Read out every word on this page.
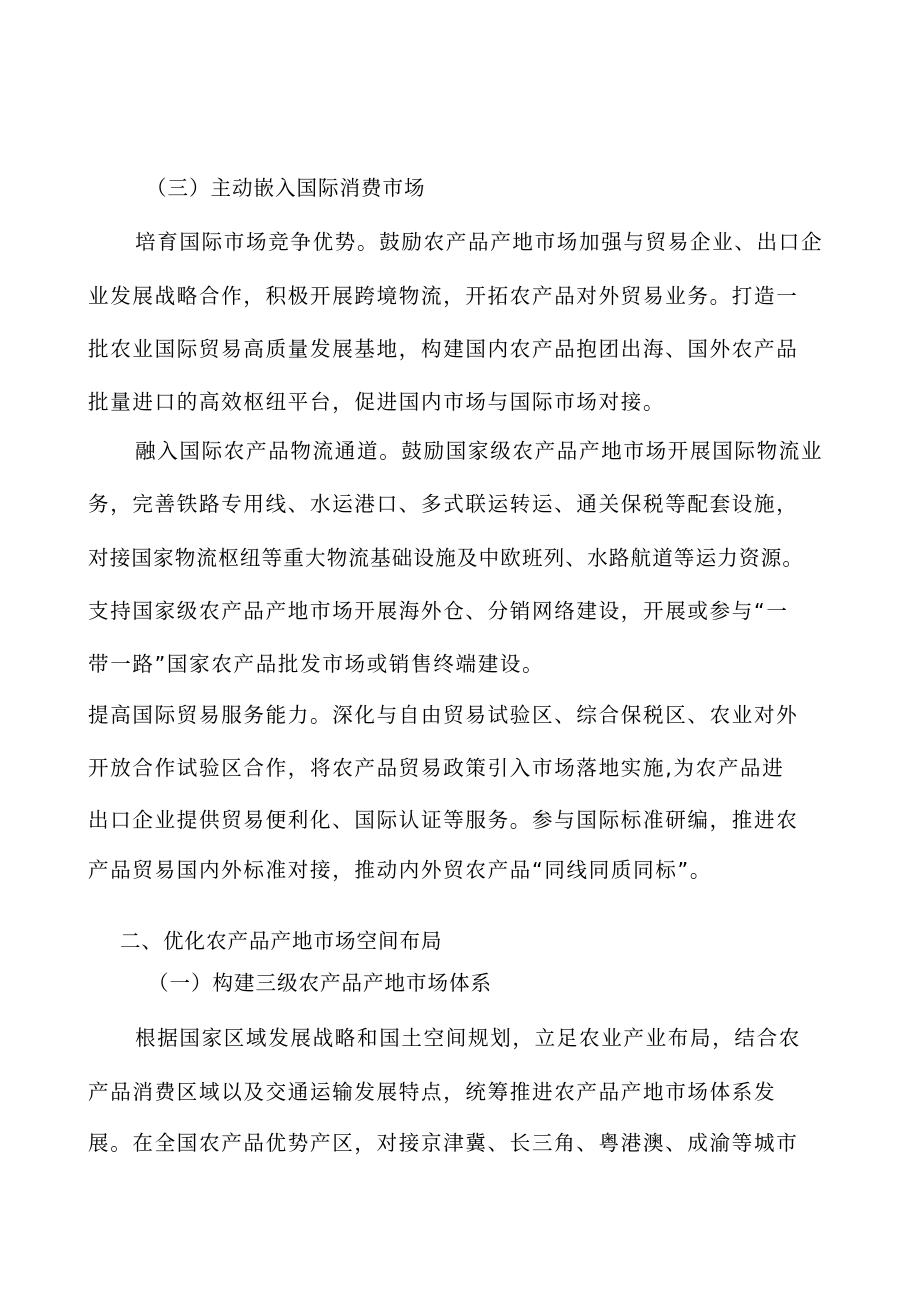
（三）主动嵌入国际消费市场

培育国际市场竞争优势。鼓励农产品产地市场加强与贸易企业、出口企

业发展战略合作，积极开展跨境物流，开拓农产品对外贸易业务。打造一

批农业国际贸易高质量发展基地，构建国内农产品抱团出海、国外农产品

批量进口的高效枢纽平台，促进国内市场与国际市场对接。

融入国际农产品物流通道。鼓励国家级农产品产地市场开展国际物流业

务，完善铁路专用线、水运港口、多式联运转运、通关保税等配套设施，

对接国家物流枢纽等重大物流基础设施及中欧班列、水路航道等运力资源。

支持国家级农产品产地市场开展海外仓、分销网络建设，开展或参与“一

带一路”国家农产品批发市场或销售终端建设。

提高国际贸易服务能力。深化与自由贸易试验区、综合保税区、农业对外

开放合作试验区合作，将农产品贸易政策引入市场落地实施,为农产品进

出口企业提供贸易便利化、国际认证等服务。参与国际标准研编，推进农

产品贸易国内外标准对接，推动内外贸农产品“同线同质同标”。

二、优化农产品产地市场空间布局

（一）构建三级农产品产地市场体系

根据国家区域发展战略和国土空间规划，立足农业产业布局，结合农

产品消费区域以及交通运输发展特点，统筹推进农产品产地市场体系发

展。在全国农产品优势产区，对接京津冀、长三角、粤港澳、成渝等城市
